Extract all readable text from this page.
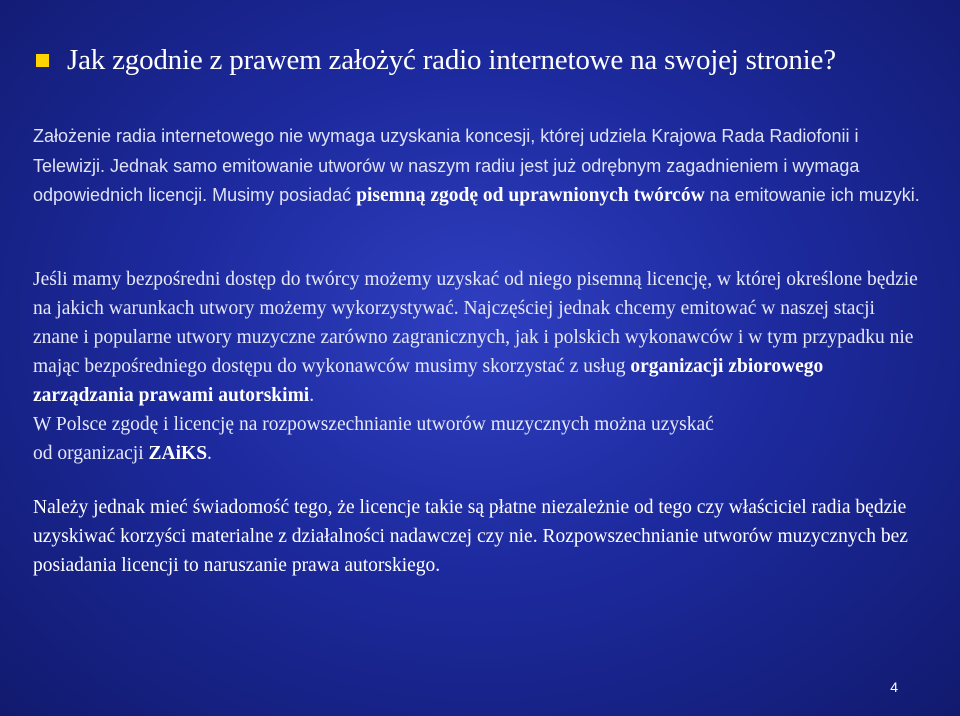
Jak zgodnie z prawem założyć radio internetowe na swojej stronie?

Założenie radia internetowego nie wymaga uzyskania koncesji, której udziela Krajowa Rada Radiofonii i Telewizji. Jednak samo emitowanie utworów w naszym radiu jest już odrębnym zagadnieniem i wymaga odpowiednich licencji. Musimy posiadać pisemną zgodę od uprawnionych twórców na emitowanie ich muzyki.

Jeśli mamy bezpośredni dostęp do twórcy możemy uzyskać od niego pisemną licencję, w której określone będzie na jakich warunkach utwory możemy wykorzystywać. Najczęściej jednak chcemy emitować w naszej stacji znane i popularne utwory muzyczne zarówno zagranicznych, jak i polskich wykonawców i w tym przypadku nie mając bezpośredniego dostępu do wykonawców musimy skorzystać z usług organizacji zbiorowego zarządzania prawami autorskimi.
W Polsce zgodę i licencję na rozpowszechnianie utworów muzycznych można uzyskać
od organizacji ZAiKS.

Należy jednak mieć świadomość tego, że licencje takie są płatne niezależnie od tego czy właściciel radia będzie uzyskiwać korzyści materialne z działalności nadawczej czy nie. Rozpowszechnianie utworów muzycznych bez posiadania licencji to naruszanie prawa autorskiego.

4
